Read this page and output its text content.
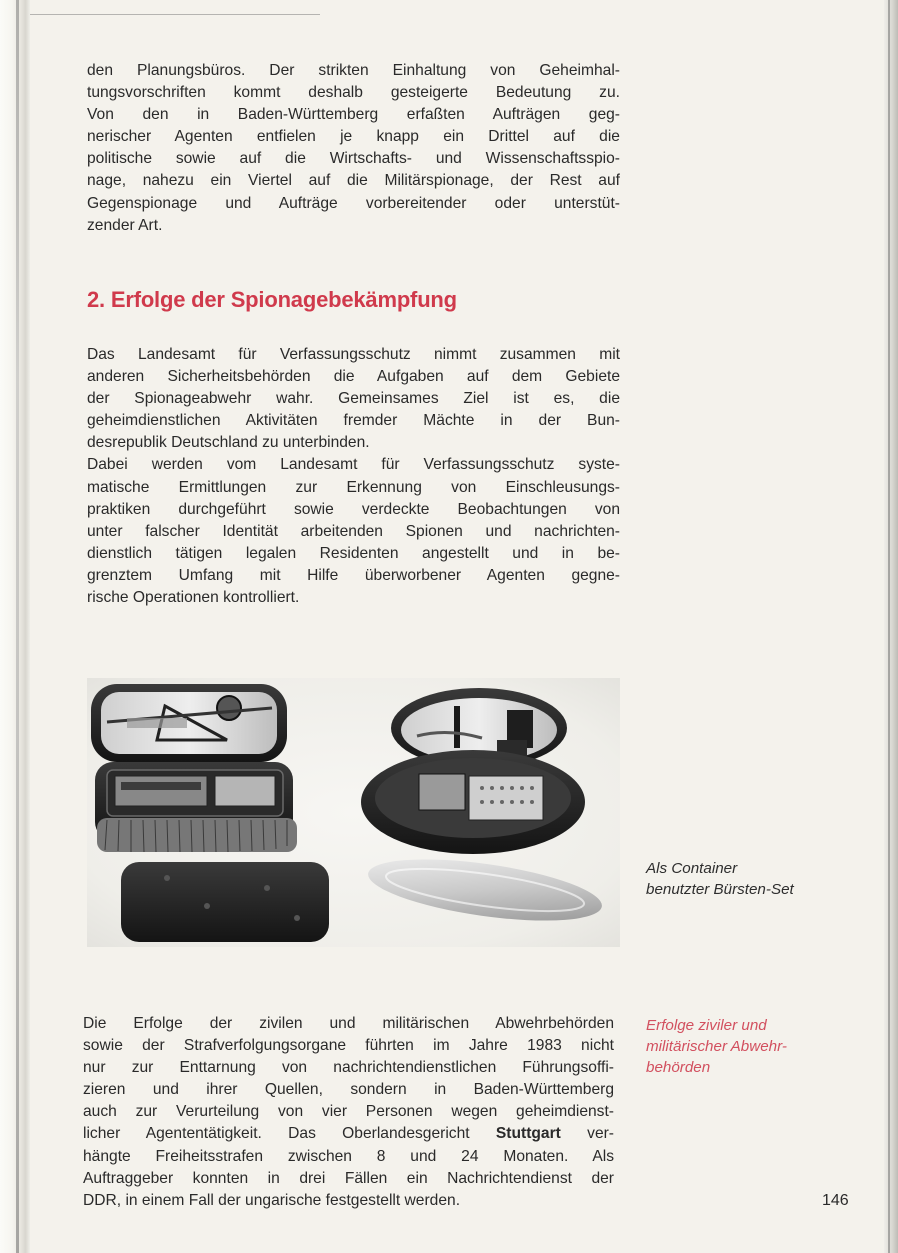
den Planungsbüros. Der strikten Einhaltung von Geheimhal-
tungsvorschriften kommt deshalb gesteigerte Bedeutung zu.
Von den in Baden-Württemberg erfaßten Aufträgen geg-
nerischer Agenten entfielen je knapp ein Drittel auf die
politische sowie auf die Wirtschafts- und Wissenschaftsspio-
nage, nahezu ein Viertel auf die Militärspionage, der Rest auf
Gegenspionage und Aufträge vorbereitender oder unterstüt-
zender Art.
2. Erfolge der Spionagebekämpfung
Das Landesamt für Verfassungsschutz nimmt zusammen mit
anderen Sicherheitsbehörden die Aufgaben auf dem Gebiete
der Spionageabwehr wahr. Gemeinsames Ziel ist es, die
geheimdienstlichen Aktivitäten fremder Mächte in der Bun-
desrepublik Deutschland zu unterbinden.
Dabei werden vom Landesamt für Verfassungsschutz syste-
matische Ermittlungen zur Erkennung von Einschleusungs-
praktiken durchgeführt sowie verdeckte Beobachtungen von
unter falscher Identität arbeitenden Spionen und nachrichten-
dienstlich tätigen legalen Residenten angestellt und in be-
grenztem Umfang mit Hilfe überworbener Agenten gegne-
rische Operationen kontrolliert.

Als Container
benutzter Bürsten-Set

Erfolge ziviler und
militärischer Abwehr-
behörden

Die Erfolge der zivilen und militärischen Abwehrbehörden
sowie der Strafverfolgungsorgane führten im Jahre 1983 nicht
nur zur Enttarnung von nachrichtendienstlichen Führungsoffi-
zieren und ihrer Quellen, sondern in Baden-Württemberg
auch zur Verurteilung von vier Personen wegen geheimdienst-
licher Agententätigkeit. Das Oberlandesgericht Stuttgart ver-
hängte Freiheitsstrafen zwischen 8 und 24 Monaten. Als
Auftraggeber konnten in drei Fällen ein Nachrichtendienst der
DDR, in einem Fall der ungarische festgestellt werden.	146
